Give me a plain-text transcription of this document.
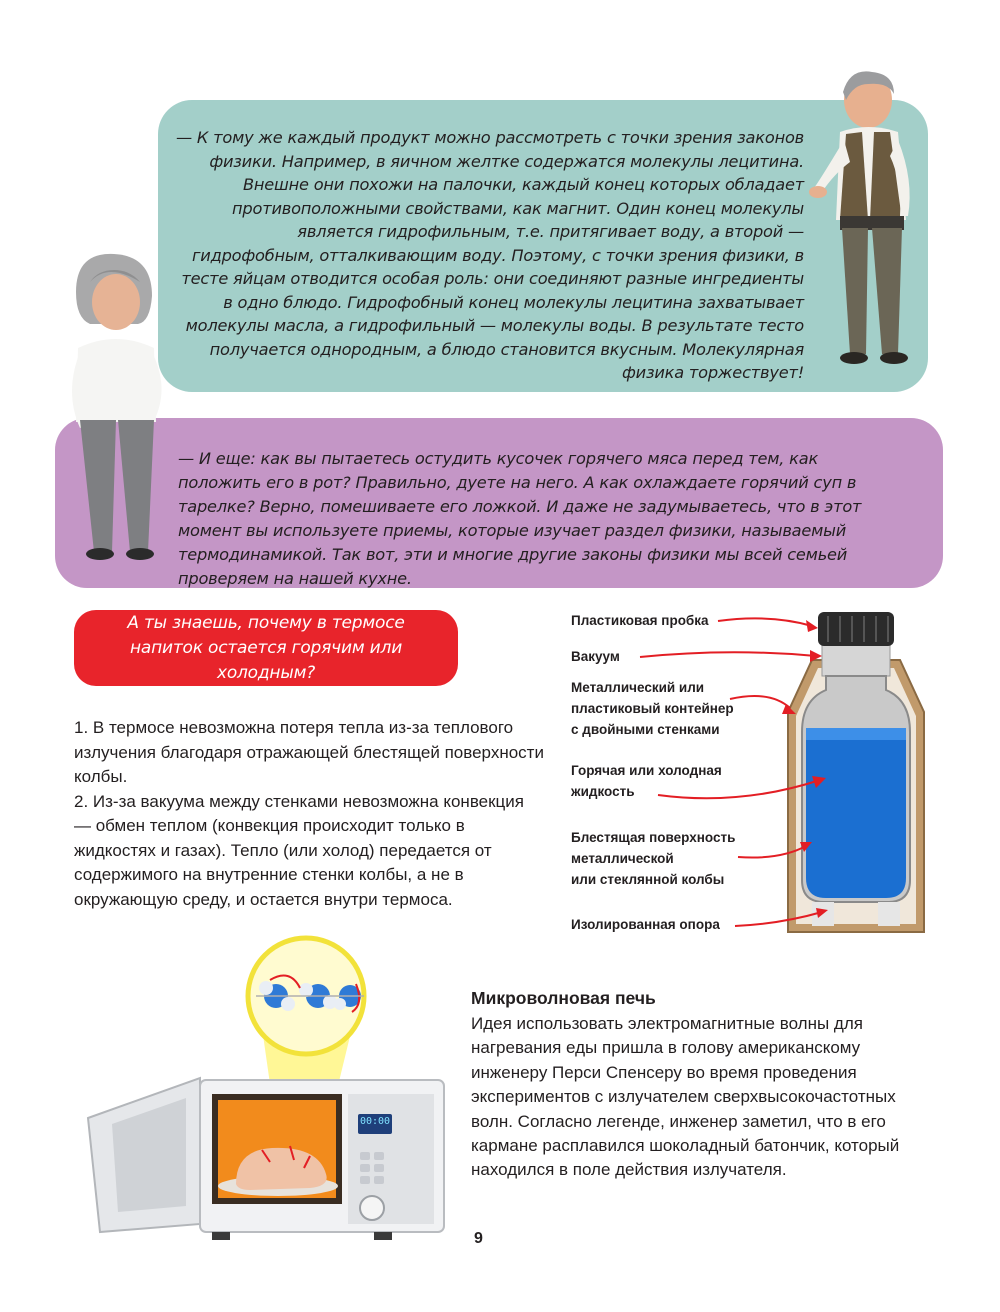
— К тому же каждый продукт можно рассмотреть с точки зрения законов физики. Например, в яичном желтке содержатся молекулы лецитина. Внешне они похожи на палочки, каждый конец которых обладает противоположными свойствами, как магнит. Один конец молекулы является гидрофильным, т.е. притягивает воду, а второй — гидрофобным, отталкивающим воду. Поэтому, с точки зрения физики, в тесте яйцам отводится особая роль: они соединяют разные ингредиенты в одно блюдо. Гидрофобный конец молекулы лецитина захватывает молекулы масла, а гидрофильный — молекулы воды. В результате тесто получается однородным, а блюдо становится вкусным. Молекулярная физика торжествует!
— И еще: как вы пытаетесь остудить кусочек горячего мяса перед тем, как положить его в рот? Правильно, дуете на него. А как охлаждаете горячий суп в тарелке? Верно, помешиваете его ложкой. И даже не задумываетесь, что в этот момент вы используете приемы, которые изучает раздел физики, называемый термодинамикой. Так вот, эти и многие другие законы физики мы всей семьей проверяем на нашей кухне.
А ты знаешь, почему в термосе напиток остается горячим или холодным?
1. В термосе невозможна потеря тепла из-за теплового излучения благодаря отражающей блестящей поверхности колбы.
2. Из-за вакуума между стенками невозможна конвекция — обмен теплом (конвекция происходит только в жидкостях и газах). Тепло (или холод) передается от содержимого на внутренние стенки колбы, а не в окружающую среду, и остается внутри термоса.
Пластиковая пробка
Вакуум
Металлический или
пластиковый контейнер
с двойными стенками
Горячая или холодная
жидкость
Блестящая поверхность
металлической
или стеклянной колбы
Изолированная опора
00:00
Микроволновая печь
Идея использовать электромагнитные волны для нагревания еды пришла в голову американскому инженеру Перси Спенсеру во время проведения экспериментов с излучателем сверхвысокочастотных волн. Согласно легенде, инженер заметил, что в его кармане расплавился шоколадный батончик, который находился в поле действия излучателя.
9
